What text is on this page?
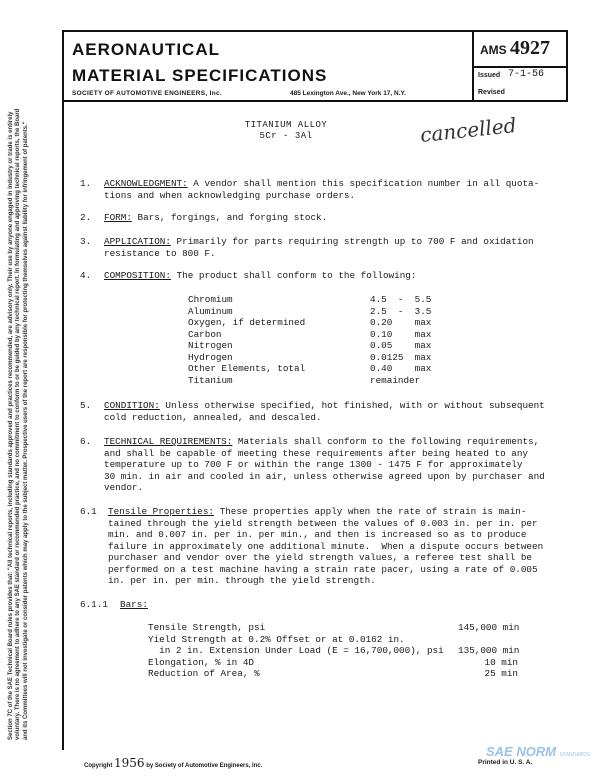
AERONAUTICAL
MATERIAL SPECIFICATIONS
SOCIETY OF AUTOMOTIVE ENGINEERS, Inc.	485 Lexington Ave., New York 17, N.Y.
AMS 4927
Issued 7-1-56
Revised
Section 7C of the SAE Technical Board rules provides that: "All technical reports, including standards approved and practices recommended, are advisory only. Their use by anyone engaged in industry or trade is entirely voluntary. There is no agreement to adhere to any SAE standard or recommended practice, and no commitment to conform to or be guided by any technical report. In formulating and approving technical reports, the Board and its Committees will not investigate or consider patents which may apply to the subject matter. Prospective users of the report are responsible for protecting themselves against liability for infringement of patents."	TITANIUM ALLOY
5Cr - 3Al	cancelled
1. ACKNOWLEDGMENT: A vendor shall mention this specification number in all quota-
tions and when acknowledging purchase orders.
2. FORM: Bars, forgings, and forging stock.
3. APPLICATION: Primarily for parts requiring strength up to 700 F and oxidation
resistance to 800 F.
4. COMPOSITION: The product shall conform to the following:
Chromium	4.5  -  5.5
Aluminum	2.5  -  3.5
Oxygen, if determined	0.20    max
Carbon	0.10    max
Nitrogen	0.05    max
Hydrogen	0.0125  max
Other Elements, total	0.40    max
Titanium	remainder
5. CONDITION: Unless otherwise specified, hot finished, with or without subsequent
cold reduction, annealed, and descaled.
6. TECHNICAL REQUIREMENTS: Materials shall conform to the following requirements,
and shall be capable of meeting these requirements after being heated to any
temperature up to 700 F or within the range 1300 - 1475 F for approximately
30 min. in air and cooled in air, unless otherwise agreed upon by purchaser and
vendor.
6.1 Tensile Properties: These properties apply when the rate of strain is main-
tained through the yield strength between the values of 0.003 in. per in. per
min. and 0.007 in. per in. per min., and then is increased so as to produce
failure in approximately one additional minute.  When a dispute occurs between
purchaser and vendor over the yield strength values, a referee test shall be
performed on a test machine having a strain rate pacer, using a rate of 0.005
in. per in. per min. through the yield strength.
6.1.1 Bars:
Tensile Strength, psi	145,000 min
Yield Strength at 0.2% Offset or at 0.0162 in.
in 2 in. Extension Under Load (E = 16,700,000), psi 135,000 min
Elongation, % in 4D	10 min
Reduction of Area, %	25 min
Copyright 1956 by Society of Automotive Engineers, Inc.	Printed in U. S. A.
SAE NORM STANDARDS
